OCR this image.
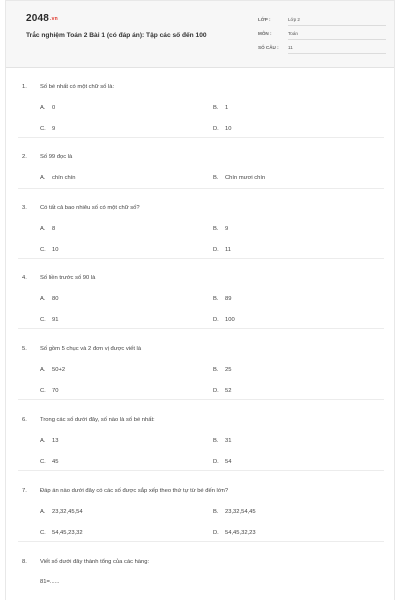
2048.vn
Trắc nghiệm Toán 2 Bài 1 (có đáp án): Tập các số đến 100
LỚP :	Lớp 2
MÔN :	Toán
SỐ CÂU : 11
1. Số bé nhất có một chữ số là:
A. 0	B. 1
C. 9	D. 10
2. Số 99 đọc là
A. chín chín	B. Chín mươi chín
3. Có tất cả bao nhiêu số có một chữ số?
A. 8	B. 9
C. 10	D. 11
4. Số liền trước số 90 là
A. 80	B. 89
C. 91	D. 100
5. Số gồm 5 chục và 2 đơn vị được viết là
A. 50+2	B. 25
C. 70	D. 52
6. Trong các số dưới đây, số nào là số bé nhất:
A. 13	B. 31
C. 45	D. 54
7. Đáp án nào dưới đây có các số được sắp xếp theo thứ tự từ bé đến lớn?
A. 23,32,45,54	B. 23,32,54,45
C. 54,45,23,32	D. 54,45,32,23
8. Viết số dưới đây thành tổng của các hàng:
81=......
